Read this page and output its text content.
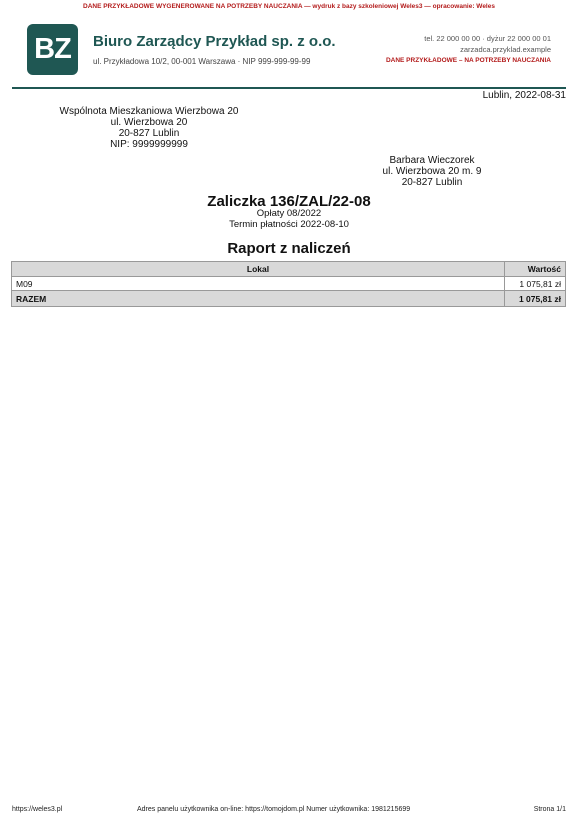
DANE PRZYKŁADOWE WYGENEROWANE NA POTRZEBY NAUCZANIA — wydruk z bazy szkoleniowej Weles3 — opracowanie: Weles
BZ	Biuro Zarządcy Przykład sp. z o.o.
ul. Przykładowa 10/2, 00-001 Warszawa · NIP 999-999-99-99
tel. 22 000 00 00 · dyżur 22 000 00 01
zarzadca.przyklad.example
DANE PRZYKŁADOWE – NA POTRZEBY NAUCZANIA
Lublin, 2022-08-31
Wspólnota Mieszkaniowa Wierzbowa 20
ul. Wierzbowa 20
20-827 Lublin
NIP: 9999999999
Barbara Wieczorek
ul. Wierzbowa 20 m. 9
20-827 Lublin
Zaliczka 136/ZAL/22-08
Opłaty 08/2022
Termin płatności 2022-08-10
Raport z naliczeń
Lokal	Wartość
M09	1 075,81 zł
RAZEM	1 075,81 zł
https://weles3.pl	Adres panelu użytkownika on-line: https://tomojdom.pl Numer użytkownika: 1981215699	Strona 1/1
